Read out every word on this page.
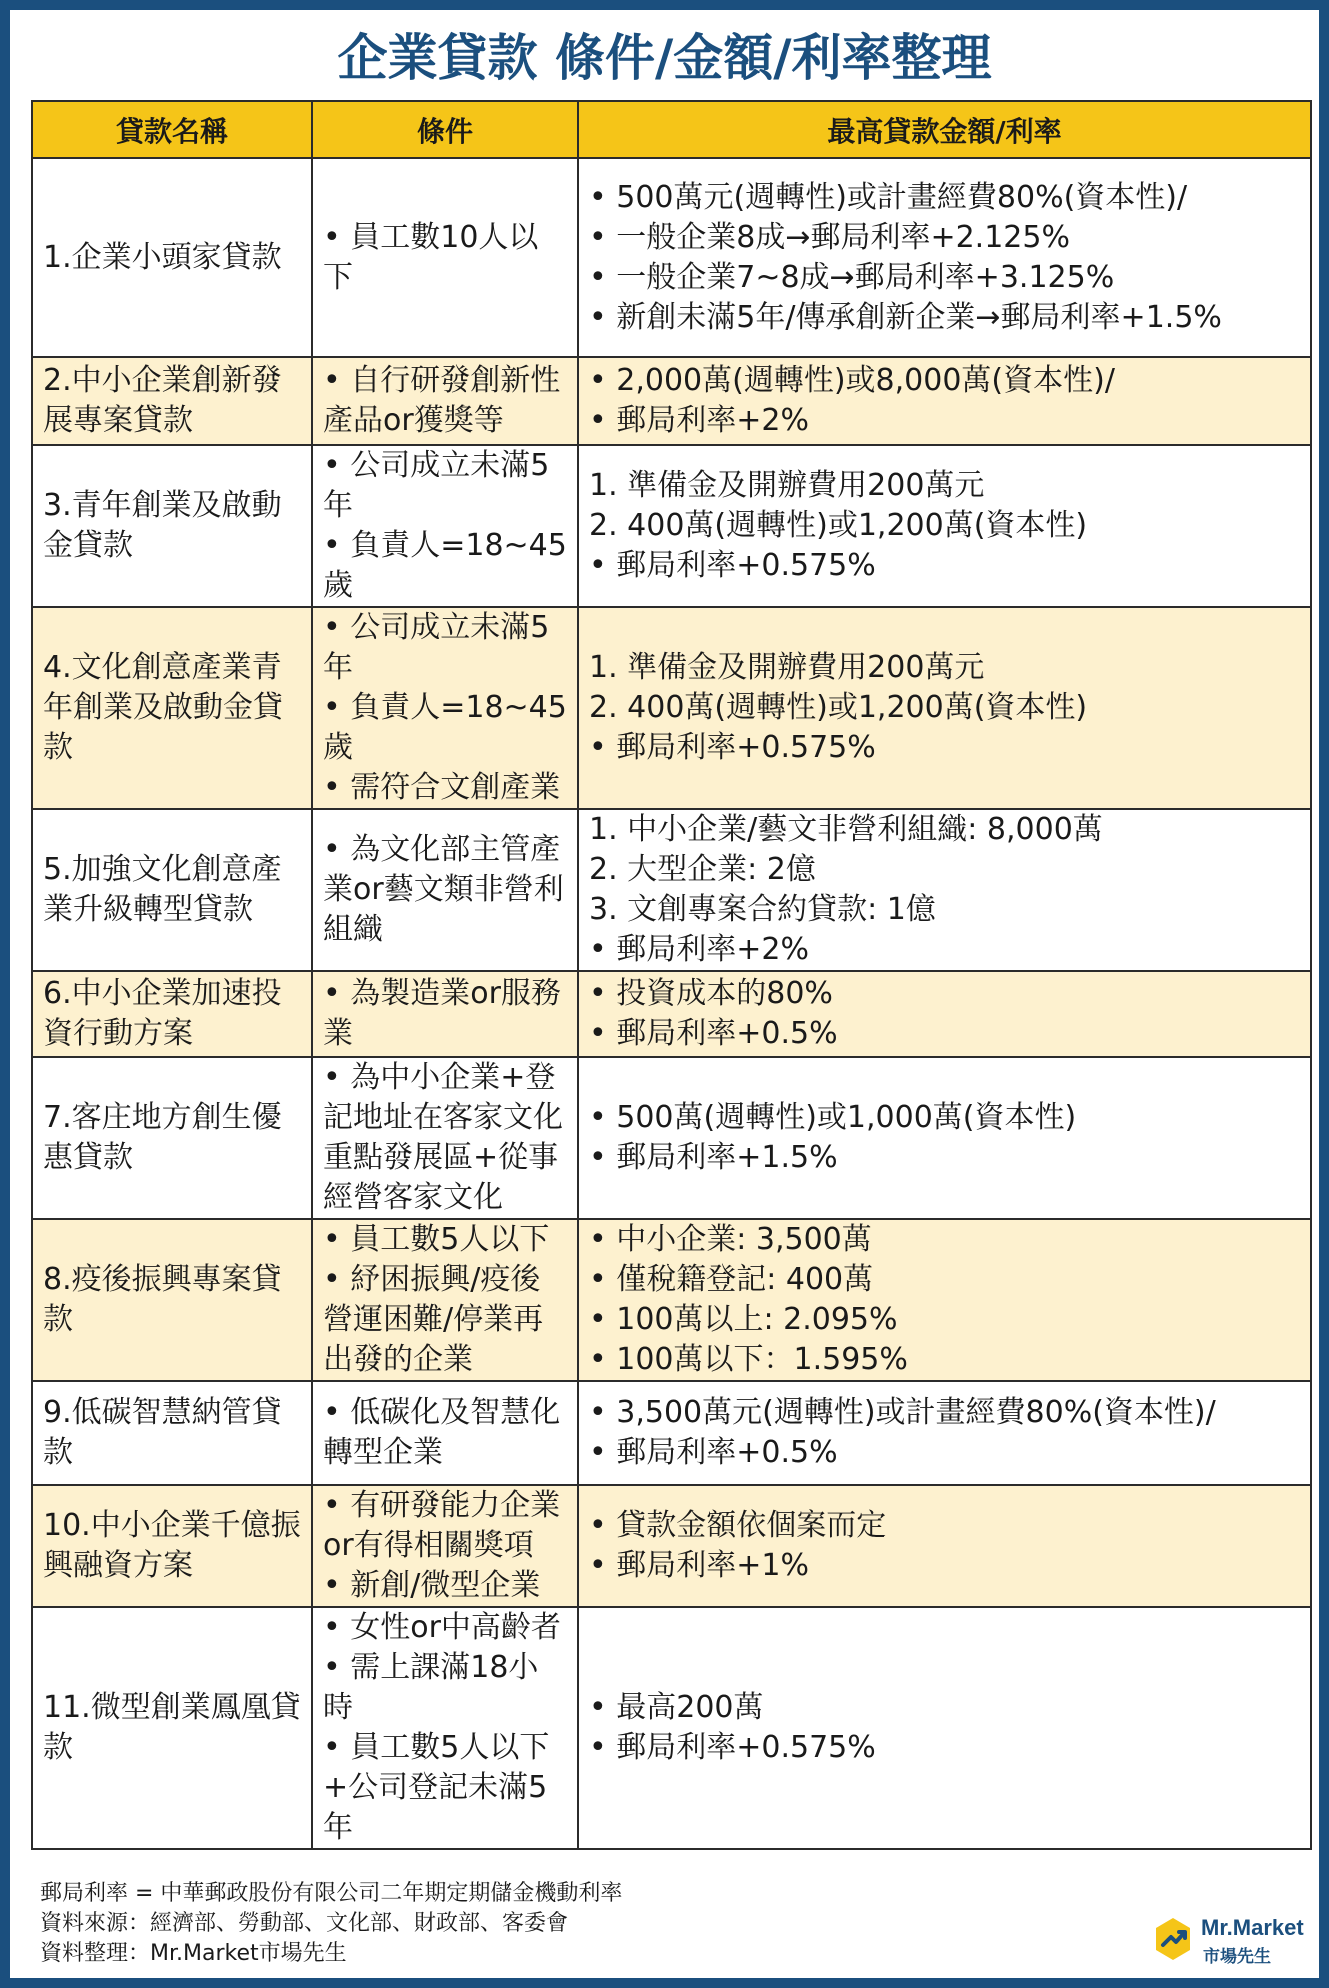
企業貸款 條件/金額/利率整理
貸款名稱	條件	最高貸款金額/利率

1.企業小頭家貸款	• 員工數10人以下	• 500萬元(週轉性)或計畫經費80%(資本性)/
• 一般企業8成→郵局利率+2.125%
• 一般企業7~8成→郵局利率+3.125%
• 新創未滿5年/傳承創新企業→郵局利率+1.5%

2.中小企業創新發展專案貸款	• 自行研發創新性產品or獲獎等	• 2,000萬(週轉性)或8,000萬(資本性)/
• 郵局利率+2%

3.青年創業及啟動金貸款	• 公司成立未滿5年
• 負責人=18~45歲	1. 準備金及開辦費用200萬元
2. 400萬(週轉性)或1,200萬(資本性)
• 郵局利率+0.575%

4.文化創意產業青年創業及啟動金貸款	• 公司成立未滿5年
• 負責人=18~45歲
• 需符合文創產業	1. 準備金及開辦費用200萬元
2. 400萬(週轉性)或1,200萬(資本性)
• 郵局利率+0.575%

5.加強文化創意產業升級轉型貸款	• 為文化部主管產業or藝文類非營利組織	1. 中小企業/藝文非營利組織: 8,000萬
2. 大型企業: 2億
3. 文創專案合約貸款: 1億
• 郵局利率+2%

6.中小企業加速投資行動方案	• 為製造業or服務業	• 投資成本的80%
• 郵局利率+0.5%

7.客庄地方創生優惠貸款	• 為中小企業+登記地址在客家文化重點發展區+從事經營客家文化	• 500萬(週轉性)或1,000萬(資本性)
• 郵局利率+1.5%

8.疫後振興專案貸款	• 員工數5人以下
• 紓困振興/疫後營運困難/停業再出發的企業	• 中小企業: 3,500萬
• 僅稅籍登記: 400萬
• 100萬以上: 2.095%
• 100萬以下：1.595%

9.低碳智慧納管貸款	• 低碳化及智慧化轉型企業	• 3,500萬元(週轉性)或計畫經費80%(資本性)/
• 郵局利率+0.5%

10.中小企業千億振興融資方案	• 有研發能力企業or有得相關獎項
• 新創/微型企業	• 貸款金額依個案而定
• 郵局利率+1%

11.微型創業鳳凰貸款	• 女性or中高齡者
• 需上課滿18小時
• 員工數5人以下+公司登記未滿5年	• 最高200萬
• 郵局利率+0.575%
郵局利率 = 中華郵政股份有限公司二年期定期儲金機動利率
資料來源：經濟部、勞動部、文化部、財政部、客委會
資料整理：Mr.Market市場先生
Mr.Market
市場先生
